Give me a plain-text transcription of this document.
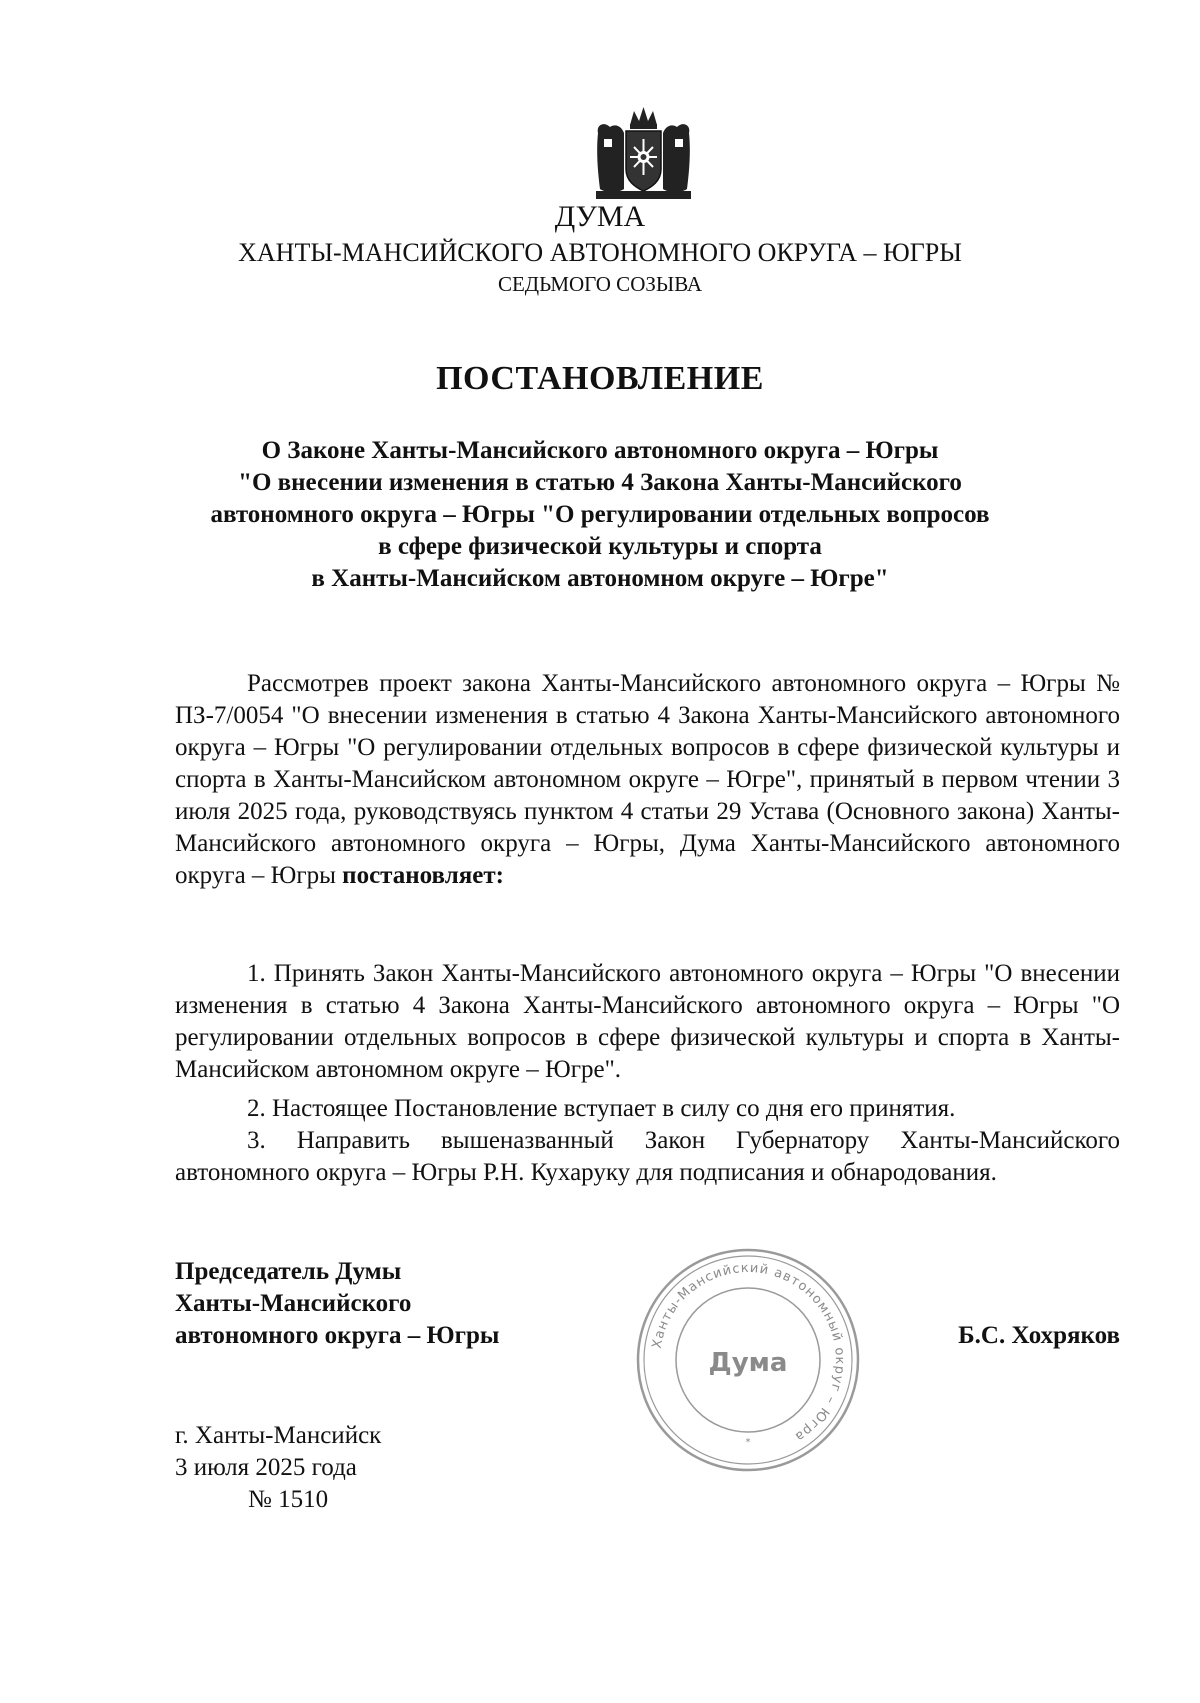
ДУМА
ХАНТЫ-МАНСИЙСКОГО АВТОНОМНОГО ОКРУГА – ЮГРЫ
СЕДЬМОГО СОЗЫВА
ПОСТАНОВЛЕНИЕ
О Законе Ханты-Мансийского автономного округа – Югры
"О внесении изменения в статью 4 Закона Ханты-Мансийского
автономного округа – Югры "О регулировании отдельных вопросов
в сфере физической культуры и спорта
в Ханты-Мансийском автономном округе – Югре"

Рассмотрев проект закона Ханты-Мансийского автономного округа – Югры № ПЗ-7/0054 "О внесении изменения в статью 4 Закона Ханты-Мансийского автономного округа – Югры "О регулировании отдельных вопросов в сфере физической культуры и спорта в Ханты-Мансийском автономном округе – Югре", принятый в первом чтении 3 июля 2025 года, руководствуясь пунктом 4 статьи 29 Устава (Основного закона) Ханты-Мансийского автономного округа – Югры, Дума Ханты-Мансийского автономного округа – Югры постановляет:

1. Принять Закон Ханты-Мансийского автономного округа – Югры "О внесении изменения в статью 4 Закона Ханты-Мансийского автономного округа – Югры "О регулировании отдельных вопросов в сфере физической культуры и спорта в Ханты-Мансийском автономном округе – Югре".

2. Настоящее Постановление вступает в силу со дня его принятия.

3. Направить вышеназванный Закон Губернатору Ханты-Мансийского автономного округа – Югры Р.Н. Кухаруку для подписания и обнародования.

Председатель Думы
Ханты-Мансийского
автономного округа – Югры	Ханты-Мансийский автономный округ – Югра
Дума
*
Б.С. Хохряков
г. Ханты-Мансийск
3 июля 2025 года
№ 1510
